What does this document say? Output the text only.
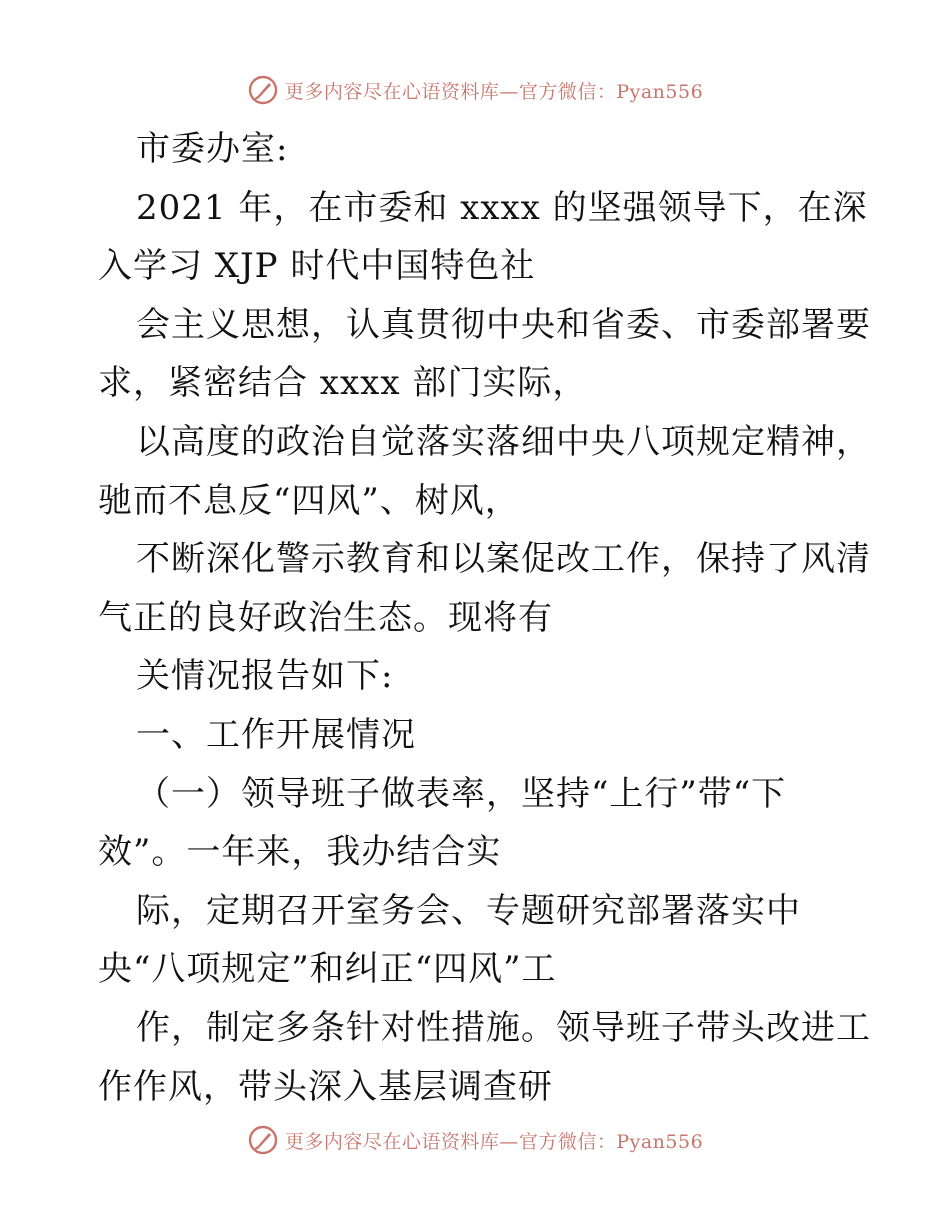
更多内容尽在心语资料库—官方微信：Pyan556
市委办室:
2021 年，在市委和 xxxx 的坚强领导下，在深
入学习 XJP 时代中国特色社
会主义思想，认真贯彻中央和省委、市委部署要
求，紧密结合 xxxx 部门实际，
以高度的政治自觉落实落细中央八项规定精神，
驰而不息反“四风”、树风，
不断深化警示教育和以案促改工作，保持了风清
气正的良好政治生态。现将有
关情况报告如下:
一、工作开展情况
（一）领导班子做表率，坚持“上行”带“下
效”。一年来，我办结合实
际，定期召开室务会、专题研究部署落实中
央“八项规定”和纠正“四风”工
作，制定多条针对性措施。领导班子带头改进工
作作风，带头深入基层调查研
更多内容尽在心语资料库—官方微信：Pyan556
